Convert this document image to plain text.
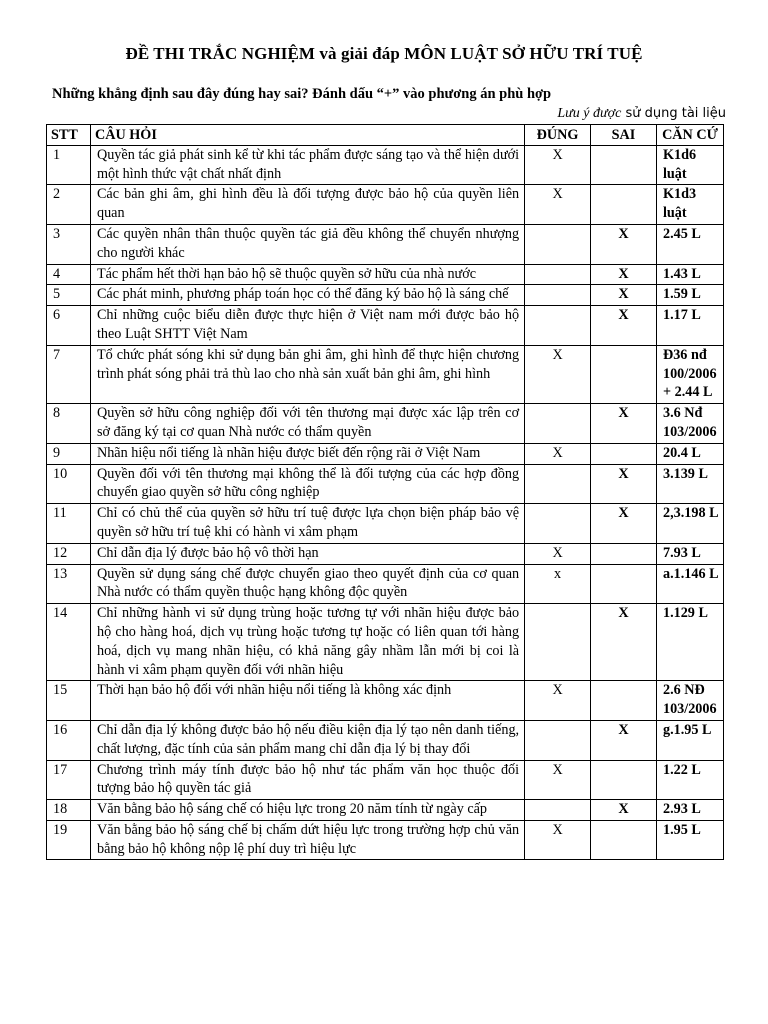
ĐỀ THI TRẮC NGHIỆM và giải đáp MÔN LUẬT SỞ HỮU TRÍ TUỆ
Những khẳng định sau đây đúng hay sai? Đánh dấu “+” vào phương án phù hợp
Lưu ý được sử dụng tài liệu
STT	CÂU HỎI	ĐÚNG	SAI	CĂN CỨ
1	Quyền tác giả phát sinh kể từ khi tác phẩm được sáng tạo và thể hiện dưới một hình thức vật chất nhất định	X		K1d6 luật
2	Các bản ghi âm, ghi hình đều là đối tượng được bảo hộ của quyền liên quan	X		K1d3 luật
3	Các quyền nhân thân thuộc quyền tác giả đều không thể chuyển nhượng cho người khác		X	2.45 L
4	Tác phẩm hết thời hạn bảo hộ sẽ thuộc quyền sở hữu của nhà nước		X	1.43 L
5	Các phát minh, phương pháp toán học có thể đăng ký bảo hộ là sáng chế		X	1.59 L
6	Chỉ những cuộc biểu diễn được thực hiện ở Việt nam mới được bảo hộ theo Luật SHTT Việt Nam		X	1.17 L
7	Tổ chức phát sóng khi sử dụng bản ghi âm, ghi hình để thực hiện chương trình phát sóng phải trả thù lao cho nhà sản xuất bản ghi âm, ghi hình	X		Đ36 nđ 100/2006 + 2.44 L
8	Quyền sở hữu công nghiệp đối với tên thương mại được xác lập trên cơ sở đăng ký tại cơ quan Nhà nước có thẩm quyền		X	3.6 Nđ 103/2006
9	Nhãn hiệu nổi tiếng là nhãn hiệu được biết đến rộng rãi ở Việt Nam	X		20.4 L
10	Quyền đối với tên thương mại không thể là đối tượng của các hợp đồng chuyển giao quyền sở hữu công nghiệp		X	3.139 L
11	Chỉ có chủ thể của quyền sở hữu trí tuệ được lựa chọn biện pháp bảo vệ quyền sở hữu trí tuệ khi có hành vi xâm phạm		X	2,3.198 L
12	Chỉ dẫn địa lý được bảo hộ vô thời hạn	X		7.93 L
13	Quyền sử dụng sáng chế được chuyển giao theo quyết định của cơ quan Nhà nước có thẩm quyền thuộc hạng không độc quyền	x		a.1.146 L
14	Chỉ những hành vi sử dụng trùng hoặc tương tự với nhãn hiệu được bảo hộ cho hàng hoá, dịch vụ trùng hoặc tương tự hoặc có liên quan tới hàng hoá, dịch vụ mang nhãn hiệu, có khả năng gây nhầm lẫn mới bị coi là hành vi xâm phạm quyền đối với nhãn hiệu		X	1.129 L
15	Thời hạn bảo hộ đối với nhãn hiệu nổi tiếng là không xác định	X		2.6 NĐ 103/2006
16	Chỉ dẫn địa lý không được bảo hộ nếu điều kiện địa lý tạo nên danh tiếng, chất lượng, đặc tính của sản phẩm mang chỉ dẫn địa lý bị thay đổi		X	g.1.95 L
17	Chương trình máy tính được bảo hộ như tác phẩm văn học thuộc đối tượng bảo hộ quyền tác giả	X		1.22 L
18	Văn bằng bảo hộ sáng chế có hiệu lực trong 20 năm tính từ ngày cấp		X	2.93 L
19	Văn bằng bảo hộ sáng chế bị chấm dứt hiệu lực trong trường hợp chủ văn bằng bảo hộ không nộp lệ phí duy trì hiệu lực	X		1.95 L
